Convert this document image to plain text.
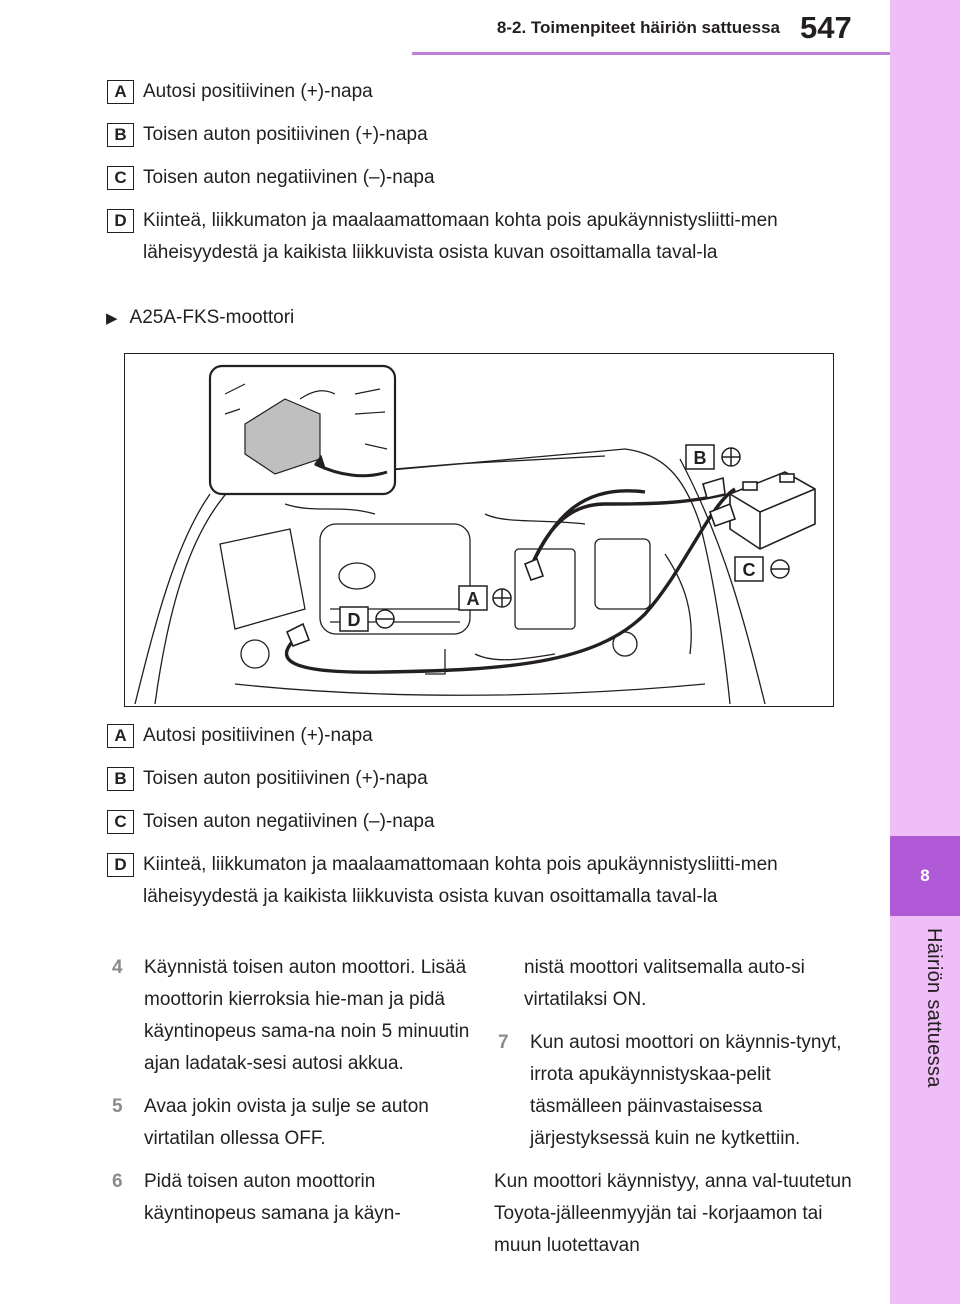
8-2. Toimenpiteet häiriön sattuessa 547
8
Häiriön sattuessa
A Autosi positiivinen (+)-napa
B Toisen auton positiivinen (+)-napa
C Toisen auton negatiivinen (–)-napa
D Kiinteä, liikkumaton ja maalaamattomaan kohta pois apukäynnistysliitti-men läheisyydestä ja kaikista liikkuvista osista kuvan osoittamalla taval-la
▶ A25A-FKS-moottori
B
C
A
D
A Autosi positiivinen (+)-napa
B Toisen auton positiivinen (+)-napa
C Toisen auton negatiivinen (–)-napa
D Kiinteä, liikkumaton ja maalaamattomaan kohta pois apukäynnistysliitti-men läheisyydestä ja kaikista liikkuvista osista kuvan osoittamalla taval-la
4 Käynnistä toisen auton moottori. Lisää moottorin kierroksia hie-man ja pidä käyntinopeus sama-na noin 5 minuutin ajan ladatak-sesi autosi akkua.
5 Avaa jokin ovista ja sulje se auton virtatilan ollessa OFF.
6 Pidä toisen auton moottorin käyntinopeus samana ja käyn-
nistä moottori valitsemalla auto-si virtatilaksi ON.
7 Kun autosi moottori on käynnis-tynyt, irrota apukäynnistyskaa-pelit täsmälleen päinvastaisessa järjestyksessä kuin ne kytkettiin.

Kun moottori käynnistyy, anna val-tuutetun Toyota-jälleenmyyjän tai -korjaamon tai muun luotettavan
